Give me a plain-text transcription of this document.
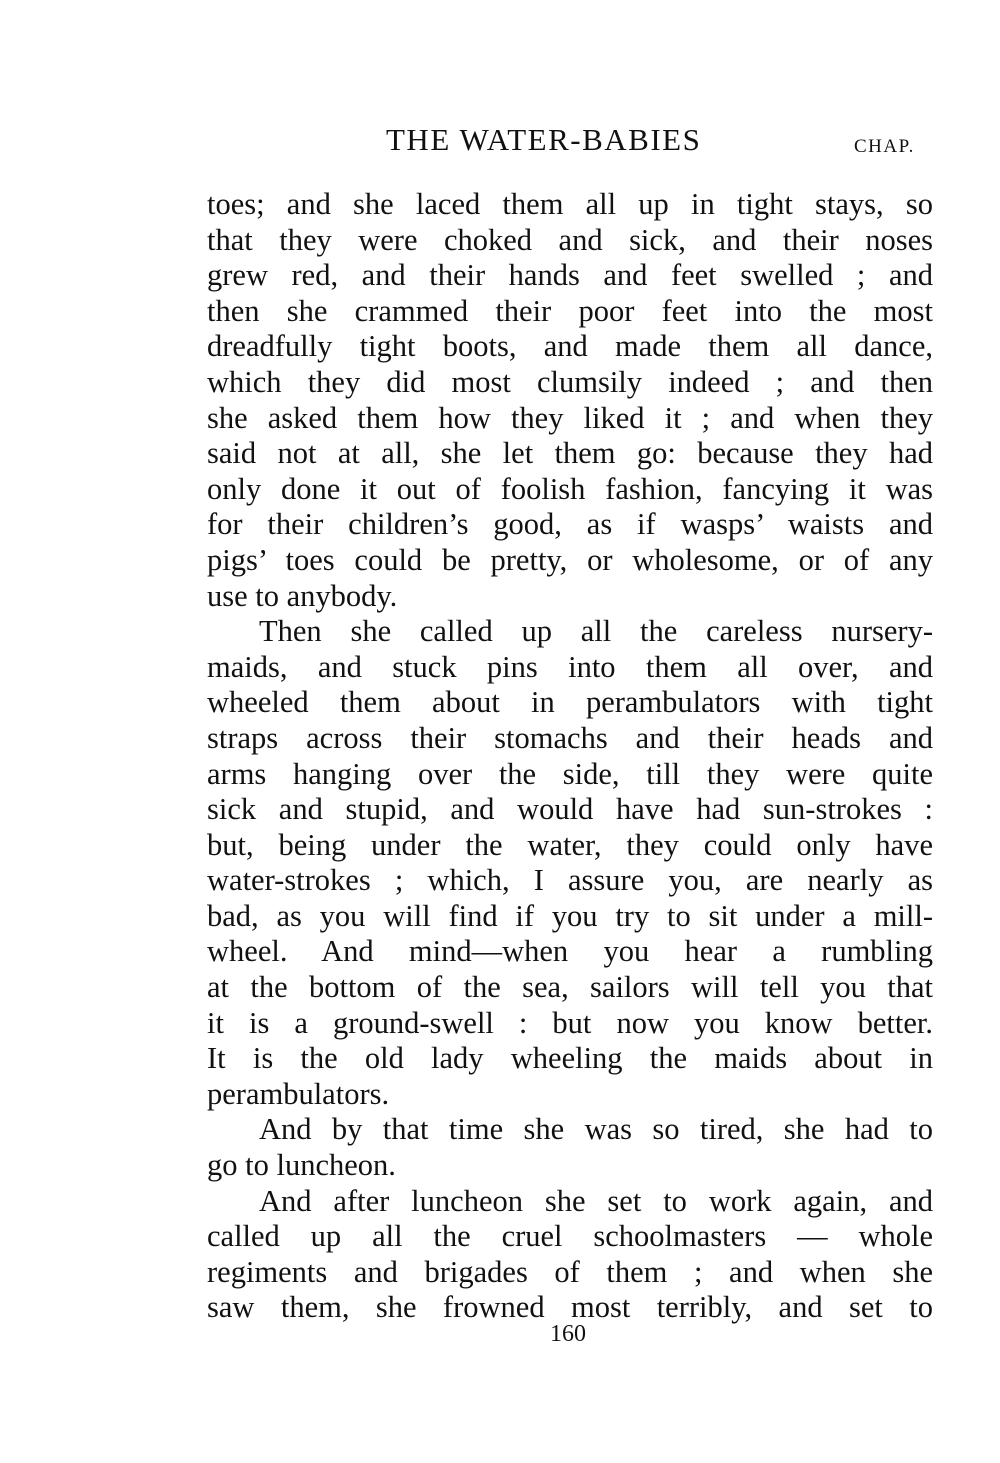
THE WATER-BABIES	CHAP.
toes; and she laced them all up in tight stays, so
that they were choked and sick, and their noses
grew red, and their hands and feet swelled ; and
then she crammed their poor feet into the most
dreadfully tight boots, and made them all dance,
which they did most clumsily indeed ; and then
she asked them how they liked it ; and when they
said not at all, she let them go: because they had
only done it out of foolish fashion, fancying it was
for their children’s good, as if wasps’ waists and
pigs’ toes could be pretty, or wholesome, or of any
use to anybody.
Then she called up all the careless nursery-
maids, and stuck pins into them all over, and
wheeled them about in perambulators with tight
straps across their stomachs and their heads and
arms hanging over the side, till they were quite
sick and stupid, and would have had sun-strokes :
but, being under the water, they could only have
water-strokes ; which, I assure you, are nearly as
bad, as you will find if you try to sit under a mill-
wheel. And mind—when you hear a rumbling
at the bottom of the sea, sailors will tell you that
it is a ground-swell : but now you know better.
It is the old lady wheeling the maids about in
perambulators.
And by that time she was so tired, she had to
go to luncheon.
And after luncheon she set to work again, and
called up all the cruel schoolmasters — whole
regiments and brigades of them ; and when she
saw them, she frowned most terribly, and set to
160
